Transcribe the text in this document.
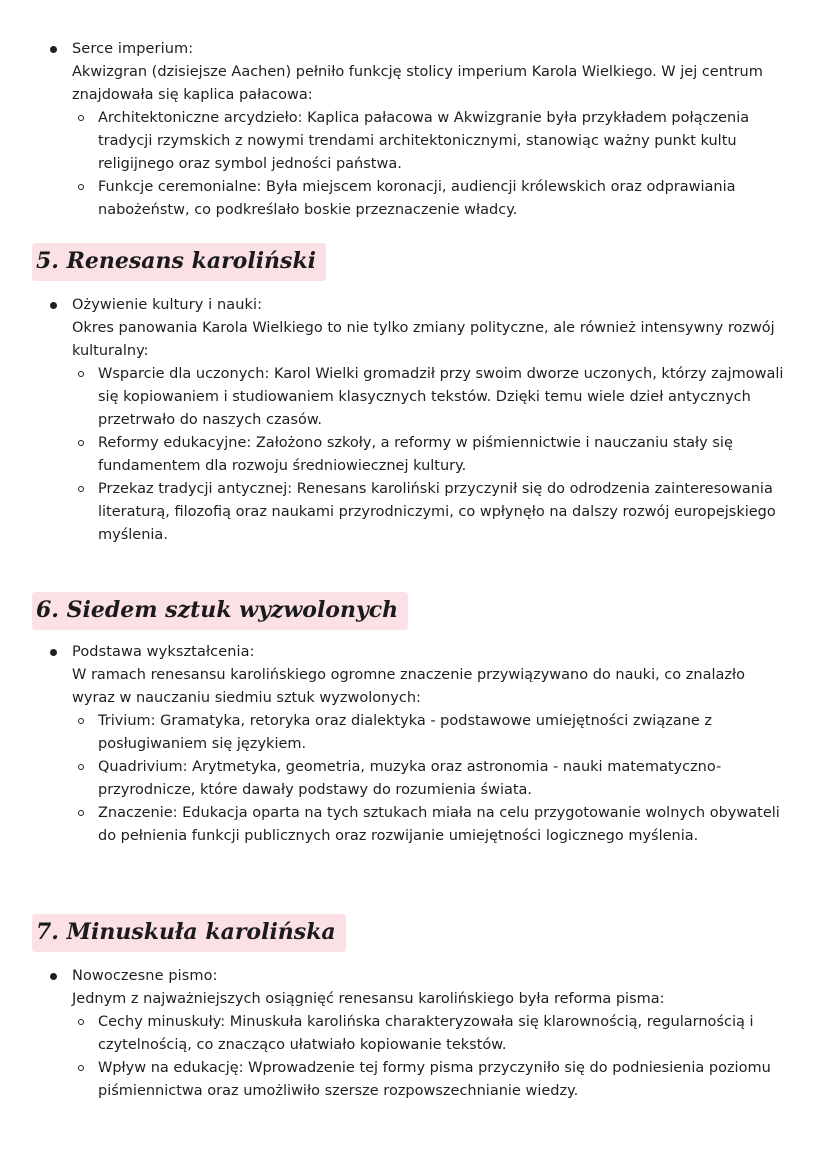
Serce imperium:
Akwizgran (dzisiejsze Aachen) pełniło funkcję stolicy imperium Karola Wielkiego. W jej centrum znajdowała się kaplica pałacowa:
Architektoniczne arcydzieło: Kaplica pałacowa w Akwizgranie była przykładem połączenia tradycji rzymskich z nowymi trendami architektonicznymi, stanowiąc ważny punkt kultu religijnego oraz symbol jedności państwa.
Funkcje ceremonialne: Była miejscem koronacji, audiencji królewskich oraz odprawiania nabożeństw, co podkreślało boskie przeznaczenie władcy.
5. Renesans karoliński
Ożywienie kultury i nauki:
Okres panowania Karola Wielkiego to nie tylko zmiany polityczne, ale również intensywny rozwój kulturalny:
Wsparcie dla uczonych: Karol Wielki gromadził przy swoim dworze uczonych, którzy zajmowali się kopiowaniem i studiowaniem klasycznych tekstów. Dzięki temu wiele dzieł antycznych przetrwało do naszych czasów.
Reformy edukacyjne: Założono szkoły, a reformy w piśmiennictwie i nauczaniu stały się fundamentem dla rozwoju średniowiecznej kultury.
Przekaz tradycji antycznej: Renesans karoliński przyczynił się do odrodzenia zainteresowania literaturą, filozofią oraz naukami przyrodniczymi, co wpłynęło na dalszy rozwój europejskiego myślenia.
6. Siedem sztuk wyzwolonych
Podstawa wykształcenia:
W ramach renesansu karolińskiego ogromne znaczenie przywiązywano do nauki, co znalazło wyraz w nauczaniu siedmiu sztuk wyzwolonych:
Trivium: Gramatyka, retoryka oraz dialektyka - podstawowe umiejętności związane z posługiwaniem się językiem.
Quadrivium: Arytmetyka, geometria, muzyka oraz astronomia - nauki matematyczno-przyrodnicze, które dawały podstawy do rozumienia świata.
Znaczenie: Edukacja oparta na tych sztukach miała na celu przygotowanie wolnych obywateli do pełnienia funkcji publicznych oraz rozwijanie umiejętności logicznego myślenia.
7. Minuskuła karolińska
Nowoczesne pismo:
Jednym z najważniejszych osiągnięć renesansu karolińskiego była reforma pisma:
Cechy minuskuły: Minuskuła karolińska charakteryzowała się klarownością, regularnością i czytelnością, co znacząco ułatwiało kopiowanie tekstów.
Wpływ na edukację: Wprowadzenie tej formy pisma przyczyniło się do podniesienia poziomu piśmiennictwa oraz umożliwiło szersze rozpowszechnianie wiedzy.
